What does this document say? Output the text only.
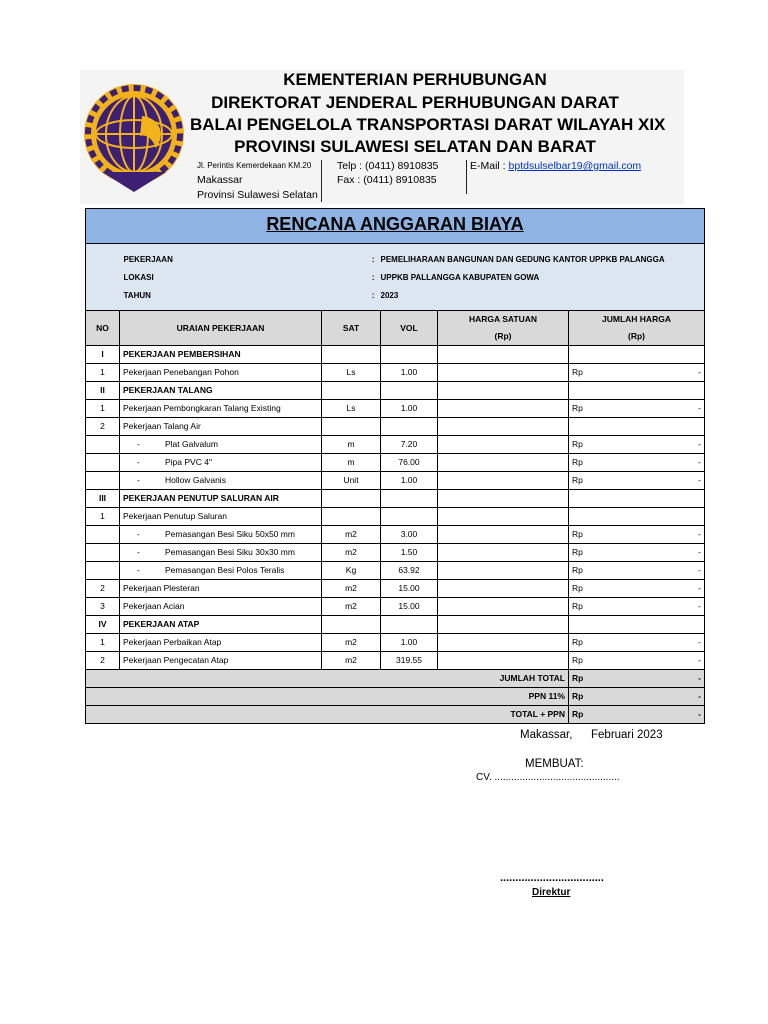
KEMENTERIAN PERHUBUNGAN
DIREKTORAT JENDERAL PERHUBUNGAN DARAT
BALAI PENGELOLA TRANSPORTASI DARAT WILAYAH XIX
PROVINSI SULAWESI SELATAN DAN BARAT
Jl. Perintis Kemerdekaan KM.20
Makassar
Provinsi Sulawesi Selatan
Telp : (0411) 8910835
Fax : (0411) 8910835
E-Mail : bptdsulselbar19@gmail.com
RENCANA ANGGARAN BIAYA					

	PEKERJAAN	:	PEMELIHARAAN BANGUNAN DAN GEDUNG KANTOR UPPKB PALANGGA		
	LOKASI	:	UPPKB PALLANGGA KABUPATEN GOWA		
	TAHUN	:	2023		

NO	URAIAN PEKERJAAN	SAT	VOL	HARGA SATUAN	JUMLAH HARGA
				(Rp)	(Rp)
I	PEKERJAAN PEMBERSIHAN				
1	Pekerjaan Penebangan Pohon	Ls	1.00		Rp -

II	PEKERJAAN TALANG				
1	Pekerjaan Pembongkaran Talang Existing	Ls	1.00		Rp -

2	Pekerjaan Talang Air				

	- Plat Galvalum	m	7.20		Rp -

	- Pipa PVC 4"	m	76.00		Rp -

	- Hollow Galvanis	Unit	1.00		Rp -

III	PEKERJAAN PENUTUP SALURAN AIR				
1	Pekerjaan Penutup Saluran				

	- Pemasangan Besi Siku 50x50 mm	m2	3.00		Rp -

	- Pemasangan Besi Siku 30x30 mm	m2	1.50		Rp -

	- Pemasangan Besi Polos Teralis	Kg	63.92		Rp -

2	Pekerjaan Plesteran	m2	15.00		Rp -

3	Pekerjaan Acian	m2	15.00		Rp -

IV	PEKERJAAN ATAP				
1	Pekerjaan Perbaikan Atap	m2	1.00		Rp -

2	Pekerjaan Pengecatan Atap	m2	319.55		Rp -

JUMLAH TOTAL					Rp -

PPN 11%					Rp -

TOTAL + PPN					Rp -
Makassar, Februari 2023
MEMBUAT:
CV. .............................................
..................................
Direktur
